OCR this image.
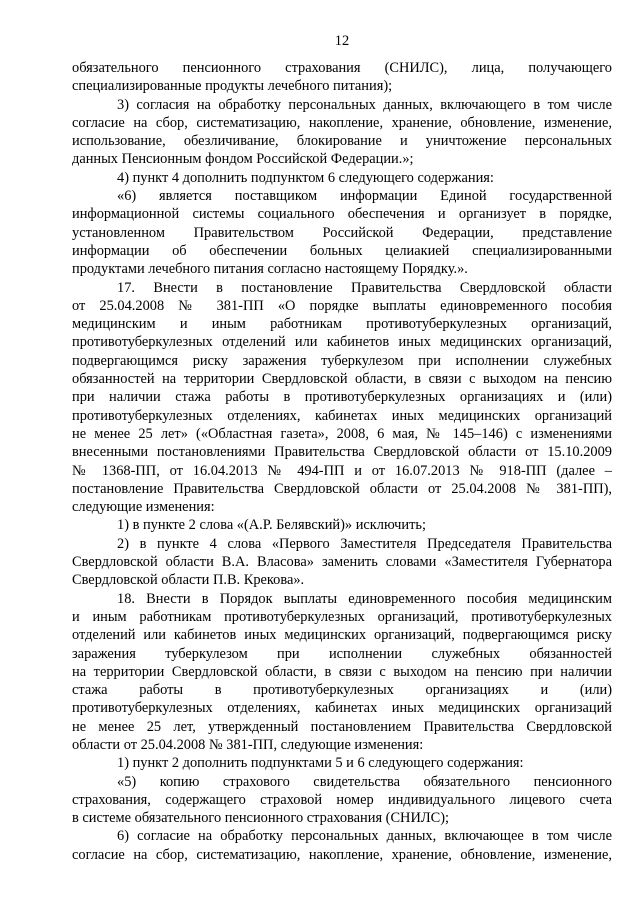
12
обязательного пенсионного страхования (СНИЛС), лица, получающего
специализированные продукты лечебного питания);
3) согласия на обработку персональных данных, включающего в том числе
согласие на сбор, систематизацию, накопление, хранение, обновление, изменение,
использование, обезличивание, блокирование и уничтожение персональных
данных Пенсионным фондом Российской Федерации.»;
4) пункт 4 дополнить подпунктом 6 следующего содержания:
«6) является поставщиком информации Единой государственной
информационной системы социального обеспечения и организует в порядке,
установленном Правительством Российской Федерации, представление
информации об обеспечении больных целиакией специализированными
продуктами лечебного питания согласно настоящему Порядку.».
17. Внести в постановление Правительства Свердловской области
от 25.04.2008 № 381-ПП «О порядке выплаты единовременного пособия
медицинским и иным работникам противотуберкулезных организаций,
противотуберкулезных отделений или кабинетов иных медицинских организаций,
подвергающимся риску заражения туберкулезом при исполнении служебных
обязанностей на территории Свердловской области, в связи с выходом на пенсию
при наличии стажа работы в противотуберкулезных организациях и (или)
противотуберкулезных отделениях, кабинетах иных медицинских организаций
не менее 25 лет» («Областная газета», 2008, 6 мая, № 145–146) с изменениями
внесенными постановлениями Правительства Свердловской области от 15.10.2009
№ 1368-ПП, от 16.04.2013 № 494-ПП и от 16.07.2013 № 918-ПП (далее –
постановление Правительства Свердловской области от 25.04.2008 № 381-ПП),
следующие изменения:
1) в пункте 2 слова «(А.Р. Белявский)» исключить;
2) в пункте 4 слова «Первого Заместителя Председателя Правительства
Свердловской области В.А. Власова» заменить словами «Заместителя Губернатора
Свердловской области П.В. Крекова».
18. Внести в Порядок выплаты единовременного пособия медицинским
и иным работникам противотуберкулезных организаций, противотуберкулезных
отделений или кабинетов иных медицинских организаций, подвергающимся риску
заражения туберкулезом при исполнении служебных обязанностей
на территории Свердловской области, в связи с выходом на пенсию при наличии
стажа работы в противотуберкулезных организациях и (или)
противотуберкулезных отделениях, кабинетах иных медицинских организаций
не менее 25 лет, утвержденный постановлением Правительства Свердловской
области от 25.04.2008 № 381-ПП, следующие изменения:
1) пункт 2 дополнить подпунктами 5 и 6 следующего содержания:
«5) копию страхового свидетельства обязательного пенсионного
страхования, содержащего страховой номер индивидуального лицевого счета
в системе обязательного пенсионного страхования (СНИЛС);
6) согласие на обработку персональных данных, включающее в том числе
согласие на сбор, систематизацию, накопление, хранение, обновление, изменение,
